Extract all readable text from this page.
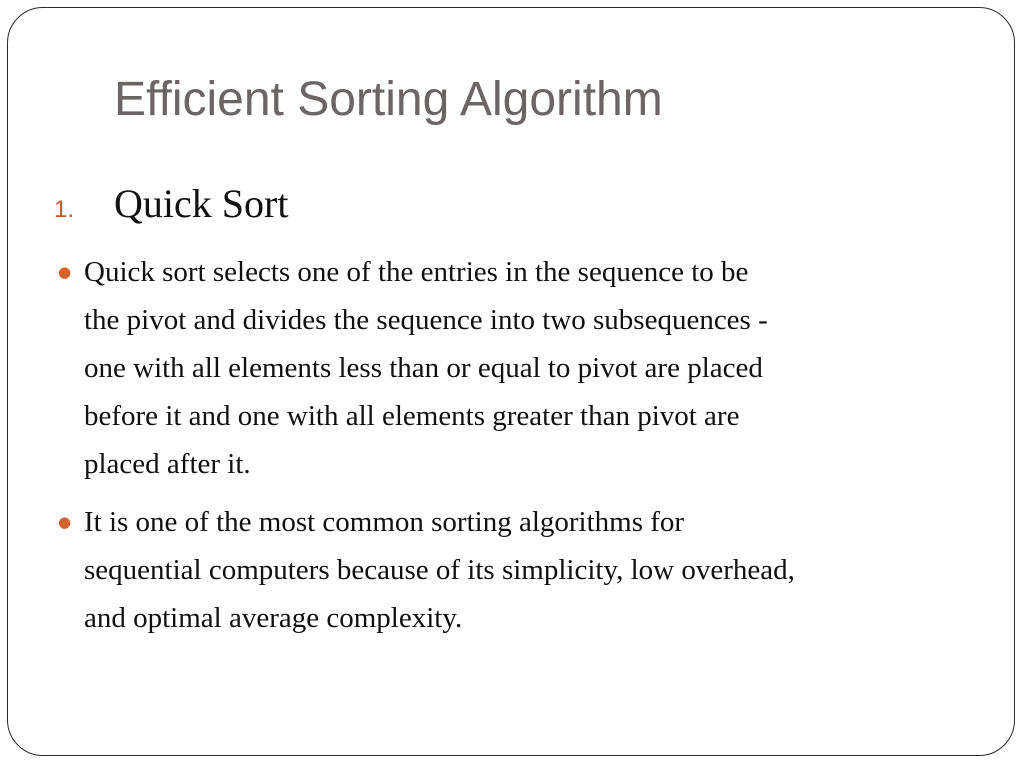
Efficient Sorting Algorithm
1. Quick Sort
● Quick sort selects one of the entries in the sequence to be
the pivot and divides the sequence into two subsequences -
one with all elements less than or equal to pivot are placed
before it and one with all elements greater than pivot are
placed after it.
● It is one of the most common sorting algorithms for
sequential computers because of its simplicity, low overhead,
and optimal average complexity.
